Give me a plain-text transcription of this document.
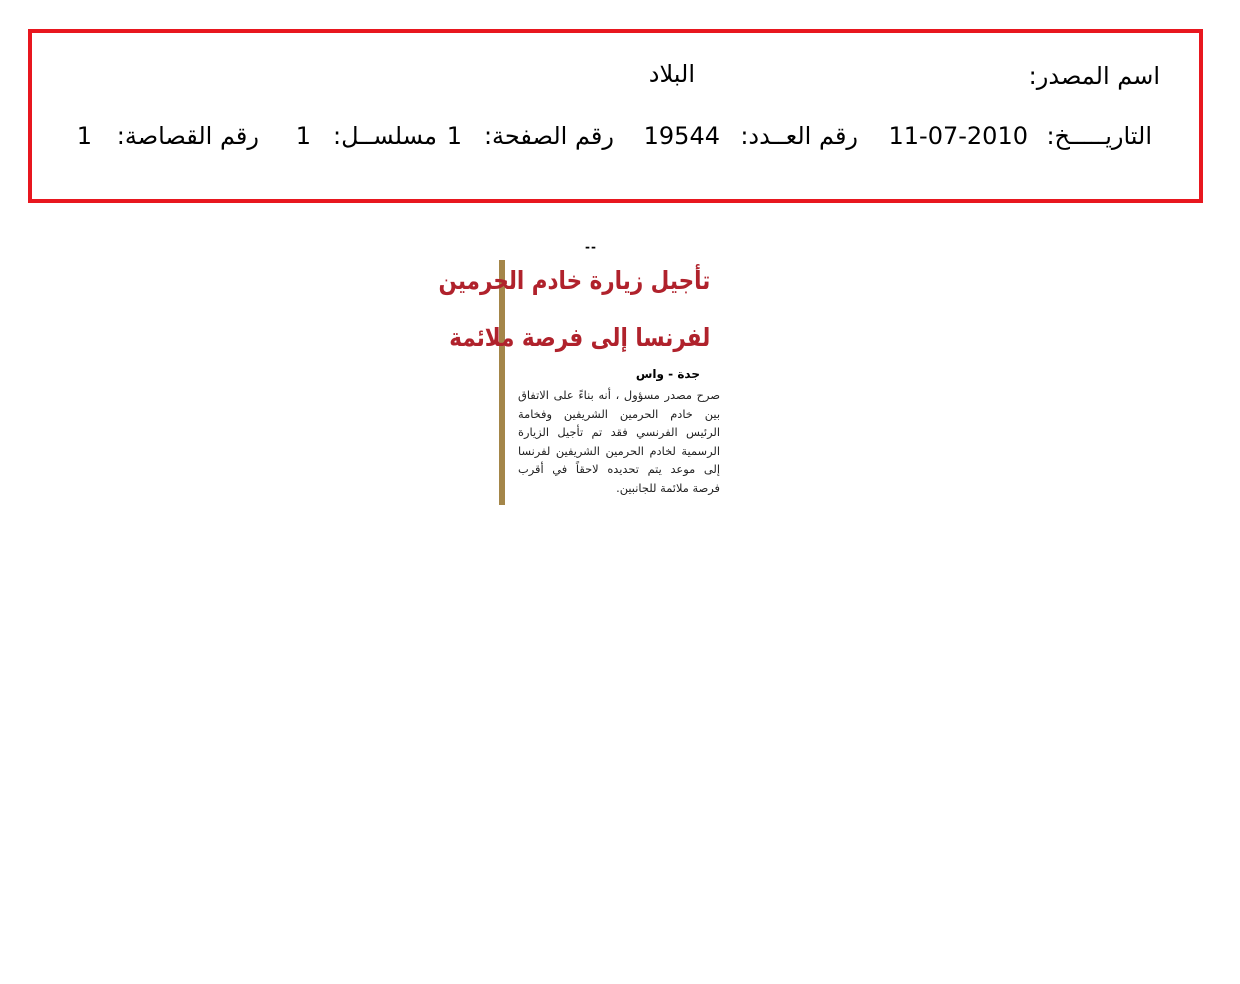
اسم المصدر:
البلاد
التاريـــــخ:
11-07-2010
رقم العــدد:
19544
رقم الصفحة:
1
مسلســل:
1
رقم القصاصة:
1
--
تأجيل زيارة خادم الحرمين
لفرنسا إلى فرصة ملائمة
جدة - واس
صرح مصدر مسؤول ، أنه بناءً على الاتفاق بين خادم الحرمين الشريفين وفخامة الرئيس الفرنسي فقد تم تأجيل الزيارة الرسمية لخادم الحرمين الشريفين لفرنسا إلى موعد يتم تحديده لاحقاً في أقرب فرصة ملائمة للجانبين.
